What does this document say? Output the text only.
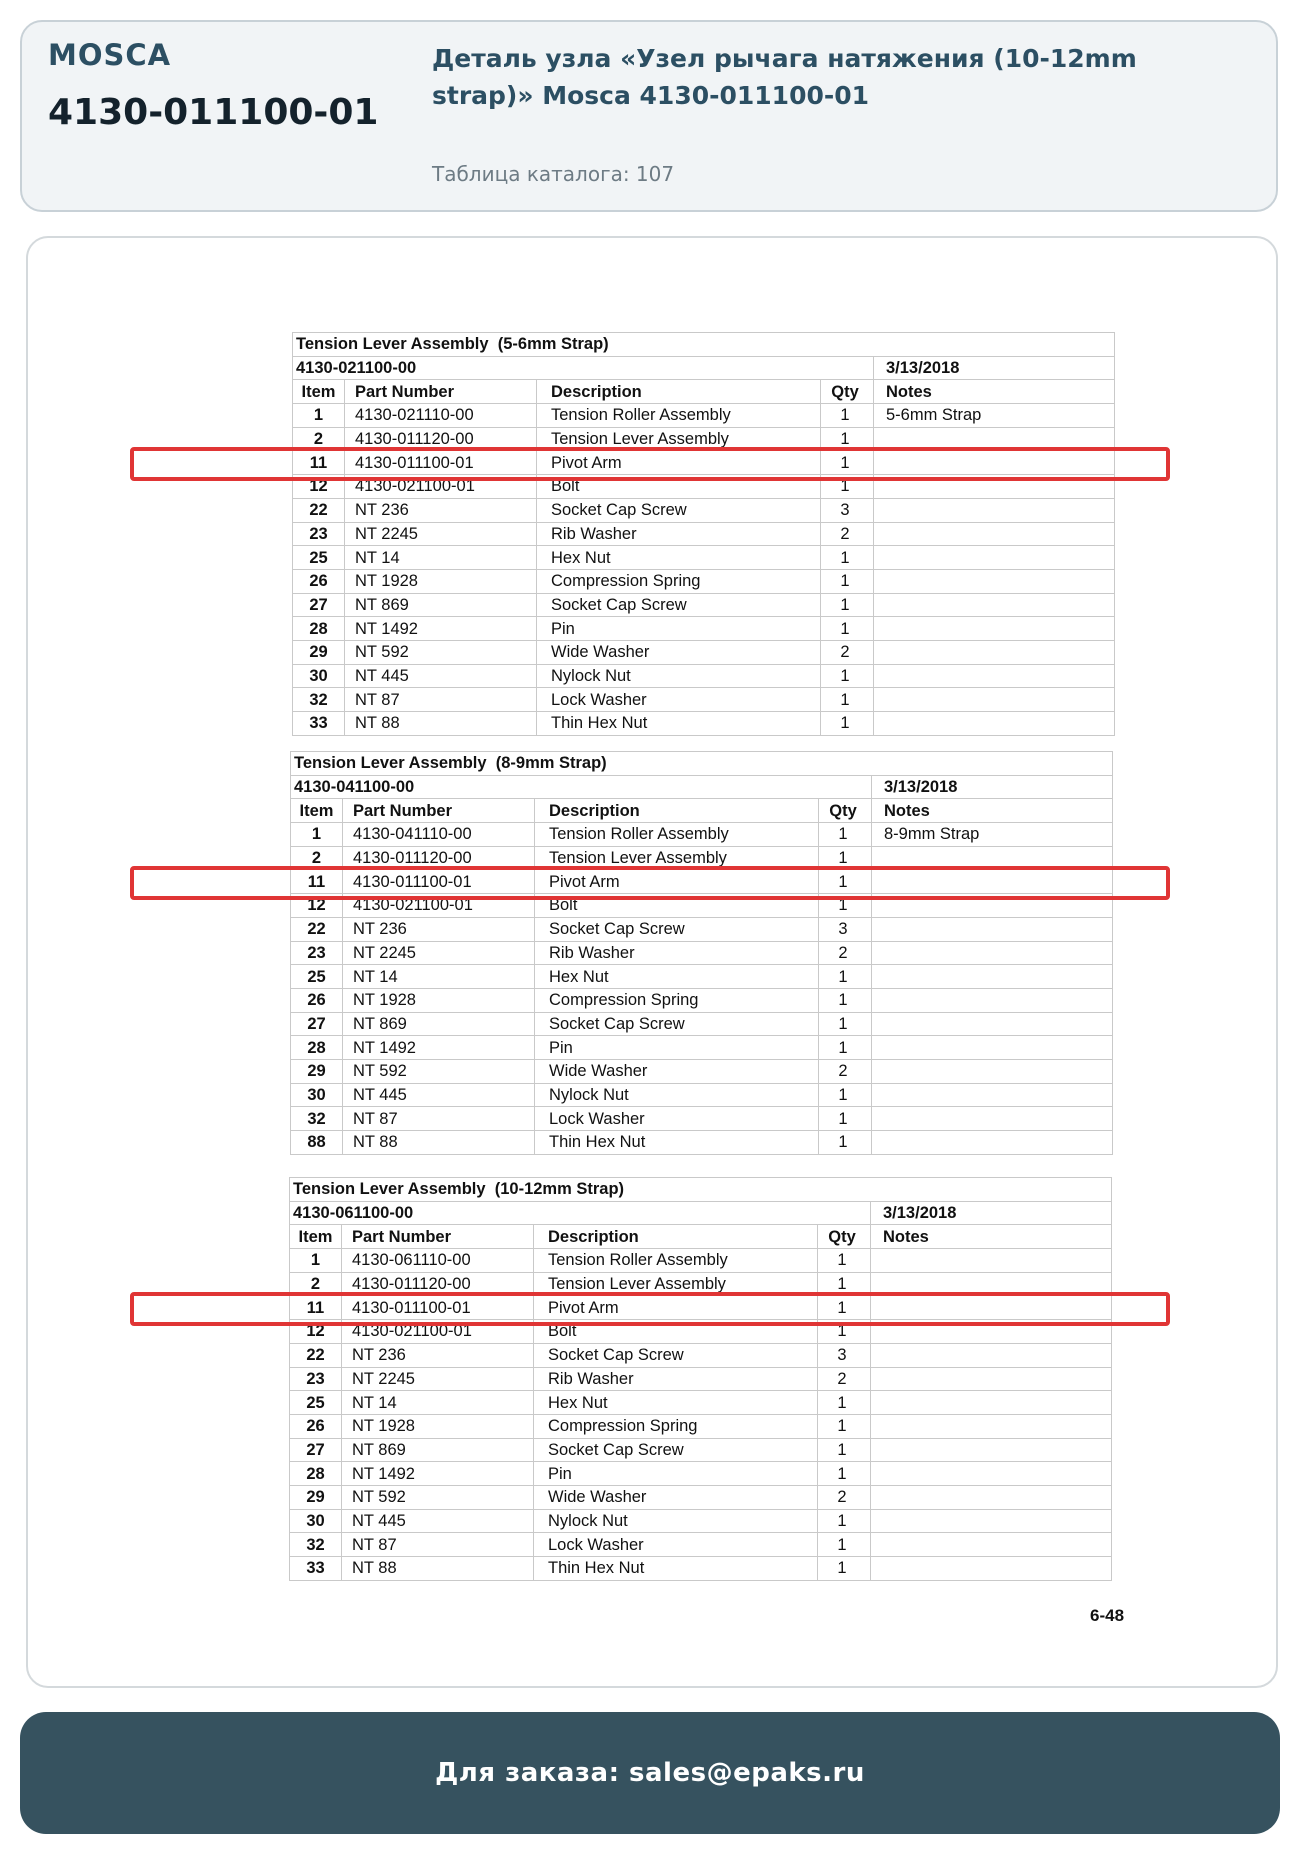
MOSCA
4130-011100-01
Деталь узла «Узел рычага натяжения (10-12mm strap)» Mosca 4130-011100-01
Таблица каталога: 107
Tension Lever Assembly  (5-6mm Strap)				
4130-021100-00				3/13/2018
Item	Part Number	Description	Qty	Notes
1	4130-021110-00	Tension Roller Assembly	1	5-6mm Strap
2	4130-011120-00	Tension Lever Assembly	1	
11	4130-011100-01	Pivot Arm	1	
12	4130-021100-01	Bolt	1	
22	NT 236	Socket Cap Screw	3	
23	NT 2245	Rib Washer	2	
25	NT 14	Hex Nut	1	
26	NT 1928	Compression Spring	1	
27	NT 869	Socket Cap Screw	1	
28	NT 1492	Pin	1	
29	NT 592	Wide Washer	2	
30	NT 445	Nylock Nut	1	
32	NT 87	Lock Washer	1	
33	NT 88	Thin Hex Nut	1	
Tension Lever Assembly  (8-9mm Strap)				
4130-041100-00				3/13/2018
Item	Part Number	Description	Qty	Notes
1	4130-041110-00	Tension Roller Assembly	1	8-9mm Strap
2	4130-011120-00	Tension Lever Assembly	1	
11	4130-011100-01	Pivot Arm	1	
12	4130-021100-01	Bolt	1	
22	NT 236	Socket Cap Screw	3	
23	NT 2245	Rib Washer	2	
25	NT 14	Hex Nut	1	
26	NT 1928	Compression Spring	1	
27	NT 869	Socket Cap Screw	1	
28	NT 1492	Pin	1	
29	NT 592	Wide Washer	2	
30	NT 445	Nylock Nut	1	
32	NT 87	Lock Washer	1	
88	NT 88	Thin Hex Nut	1	
Tension Lever Assembly  (10-12mm Strap)				
4130-061100-00				3/13/2018
Item	Part Number	Description	Qty	Notes
1	4130-061110-00	Tension Roller Assembly	1	
2	4130-011120-00	Tension Lever Assembly	1	
11	4130-011100-01	Pivot Arm	1	
12	4130-021100-01	Bolt	1	
22	NT 236	Socket Cap Screw	3	
23	NT 2245	Rib Washer	2	
25	NT 14	Hex Nut	1	
26	NT 1928	Compression Spring	1	
27	NT 869	Socket Cap Screw	1	
28	NT 1492	Pin	1	
29	NT 592	Wide Washer	2	
30	NT 445	Nylock Nut	1	
32	NT 87	Lock Washer	1	
33	NT 88	Thin Hex Nut	1	
6-48
Для заказа: sales@epaks.ru
